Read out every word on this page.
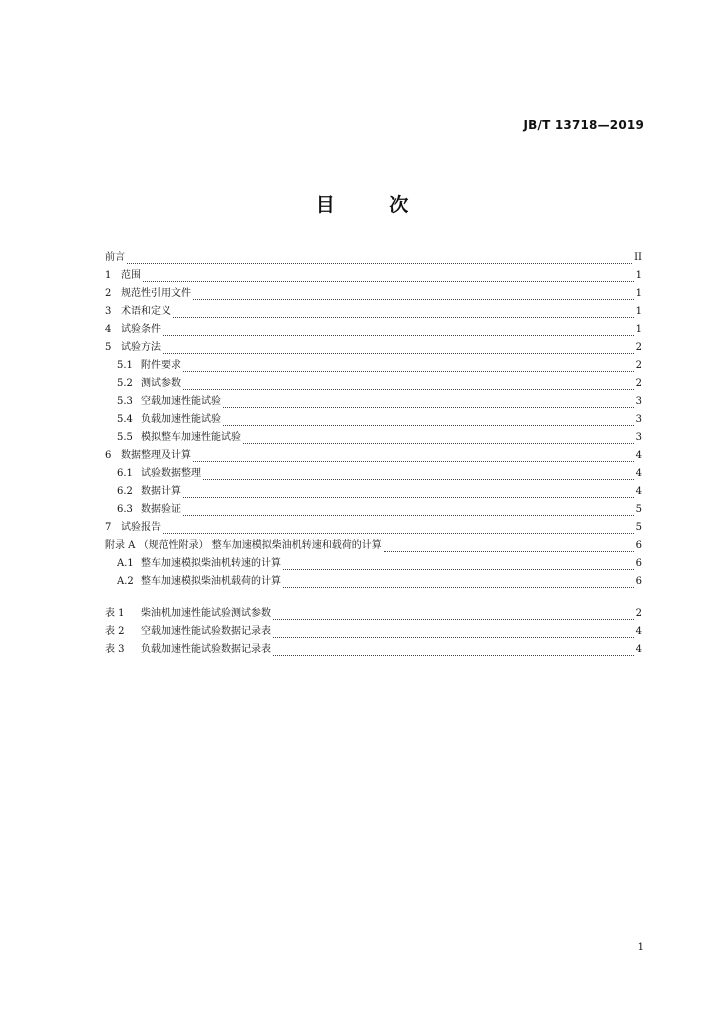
JB/T 13718—2019
目 次
前言	II
1 范围	1
2 规范性引用文件	1
3 术语和定义	1
4 试验条件	1
5 试验方法	2
5.1 附件要求	2
5.2 测试参数	2
5.3 空载加速性能试验	3
5.4 负载加速性能试验	3
5.5 模拟整车加速性能试验	3
6 数据整理及计算	4
6.1 试验数据整理	4
6.2 数据计算	4
6.3 数据验证	5
7 试验报告	5
附录 A （规范性附录） 整车加速模拟柴油机转速和载荷的计算	6
A.1 整车加速模拟柴油机转速的计算	6
A.2 整车加速模拟柴油机载荷的计算	6
表 1	柴油机加速性能试验测试参数	2
表 2	空载加速性能试验数据记录表	4
表 3	负载加速性能试验数据记录表	4
1
